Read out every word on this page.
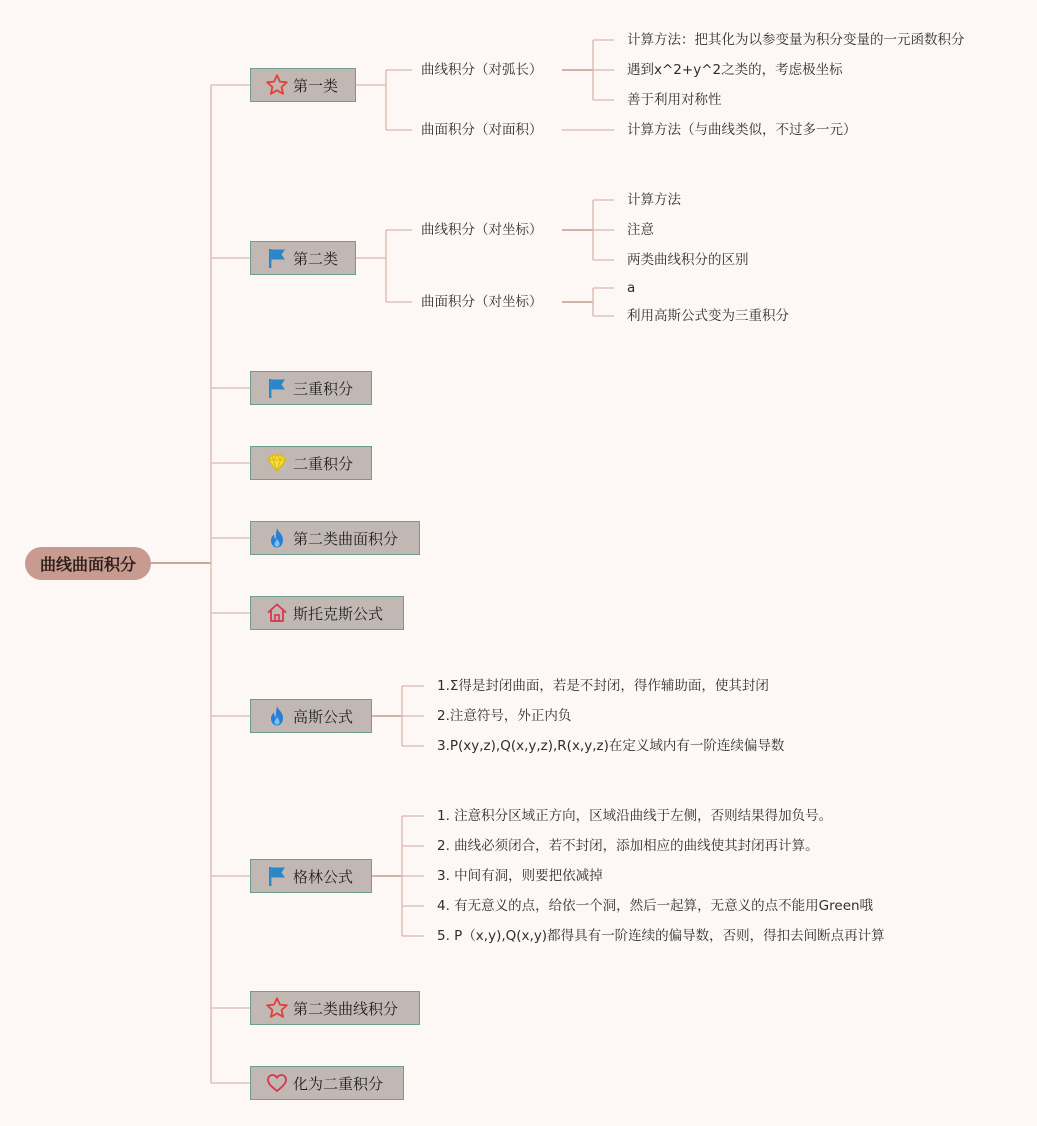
曲线曲面积分
第一类
第二类
三重积分
二重积分
第二类曲面积分
斯托克斯公式
高斯公式
格林公式
第二类曲线积分
化为二重积分
曲线积分（对弧长）
曲面积分（对面积）
计算方法：把其化为以参变量为积分变量的一元函数积分
遇到x^2+y^2之类的，考虑极坐标
善于利用对称性
计算方法（与曲线类似，不过多一元）
曲线积分（对坐标）
曲面积分（对坐标）
计算方法
注意
两类曲线积分的区别
a
利用高斯公式变为三重积分
1.Σ得是封闭曲面，若是不封闭，得作辅助面，使其封闭
2.注意符号，外正内负
3.P(xy,z),Q(x,y,z),R(x,y,z)在定义域内有一阶连续偏导数
1. 注意积分区域正方向，区域沿曲线于左侧，否则结果得加负号。
2. 曲线必须闭合，若不封闭，添加相应的曲线使其封闭再计算。
3. 中间有洞，则要把依减掉
4. 有无意义的点，给依一个洞，然后一起算，无意义的点不能用Green哦
5. P（x,y),Q(x,y)都得具有一阶连续的偏导数，否则，得扣去间断点再计算
